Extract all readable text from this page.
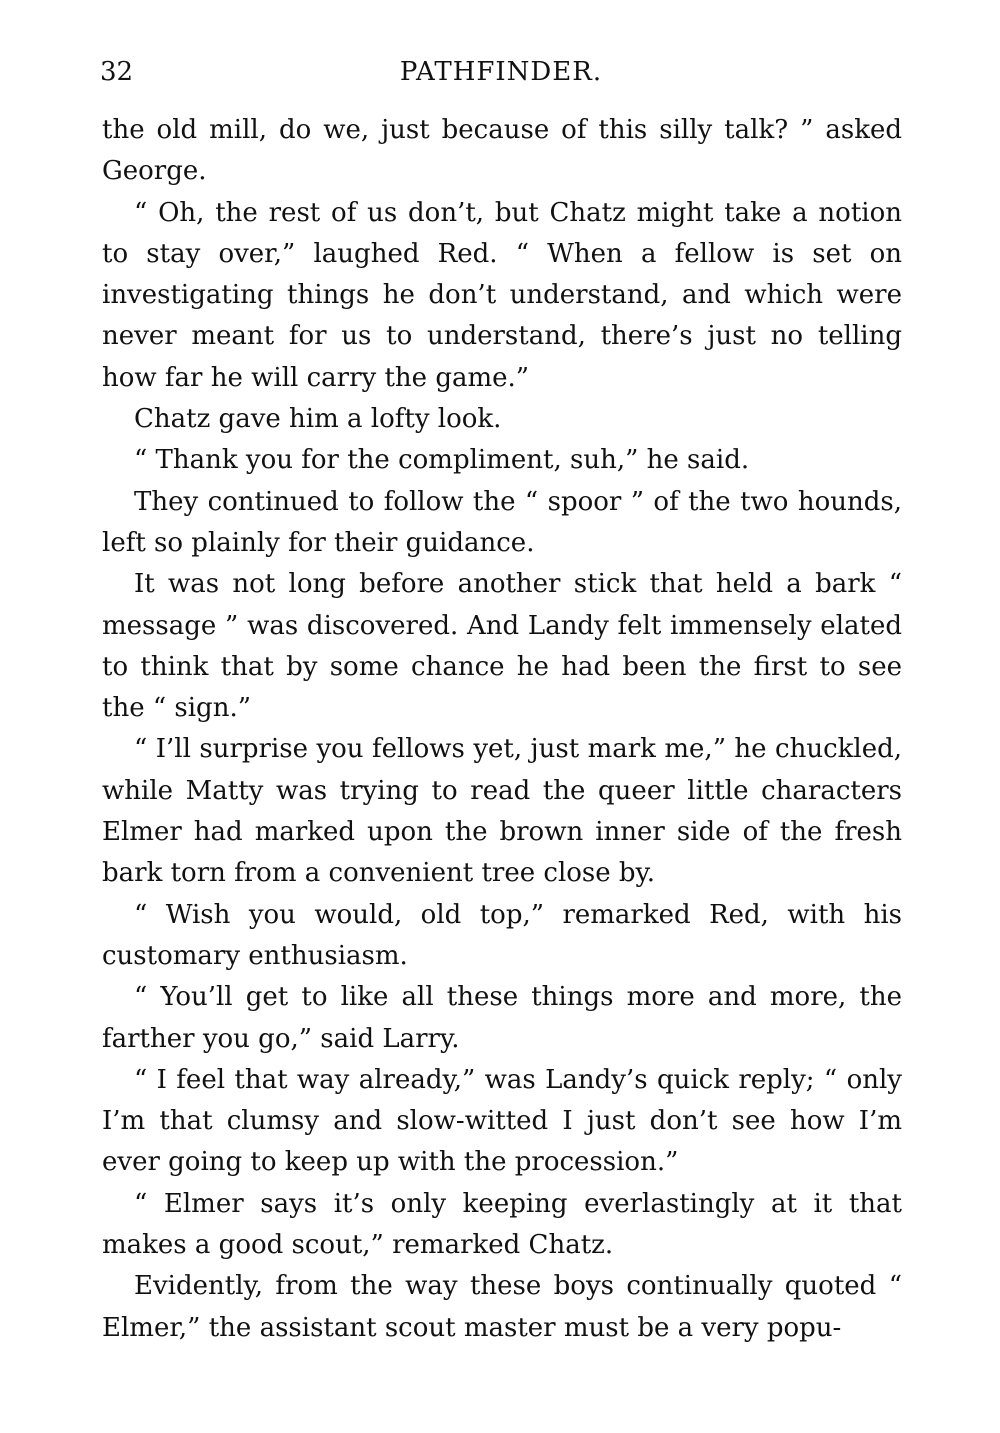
32	PATHFINDER.

the old mill, do we, just because of this silly talk? ” asked George.

“ Oh, the rest of us don’t, but Chatz might take a notion to stay over,” laughed Red. “ When a fellow is set on investigating things he don’t understand, and which were never meant for us to understand, there’s just no telling how far he will carry the game.”

Chatz gave him a lofty look.

“ Thank you for the compliment, suh,” he said.

They continued to follow the “ spoor ” of the two hounds, left so plainly for their guidance.

It was not long before another stick that held a bark “ message ” was discovered. And Landy felt immensely elated to think that by some chance he had been the first to see the “ sign.”

“ I’ll surprise you fellows yet, just mark me,” he chuckled, while Matty was trying to read the queer little characters Elmer had marked upon the brown inner side of the fresh bark torn from a convenient tree close by.

“ Wish you would, old top,” remarked Red, with his customary enthusiasm.

“ You’ll get to like all these things more and more, the farther you go,” said Larry.

“ I feel that way already,” was Landy’s quick reply; “ only I’m that clumsy and slow-witted I just don’t see how I’m ever going to keep up with the procession.”

“ Elmer says it’s only keeping everlastingly at it that makes a good scout,” remarked Chatz.

Evidently, from the way these boys continually quoted “ Elmer,” the assistant scout master must be a very popu-
